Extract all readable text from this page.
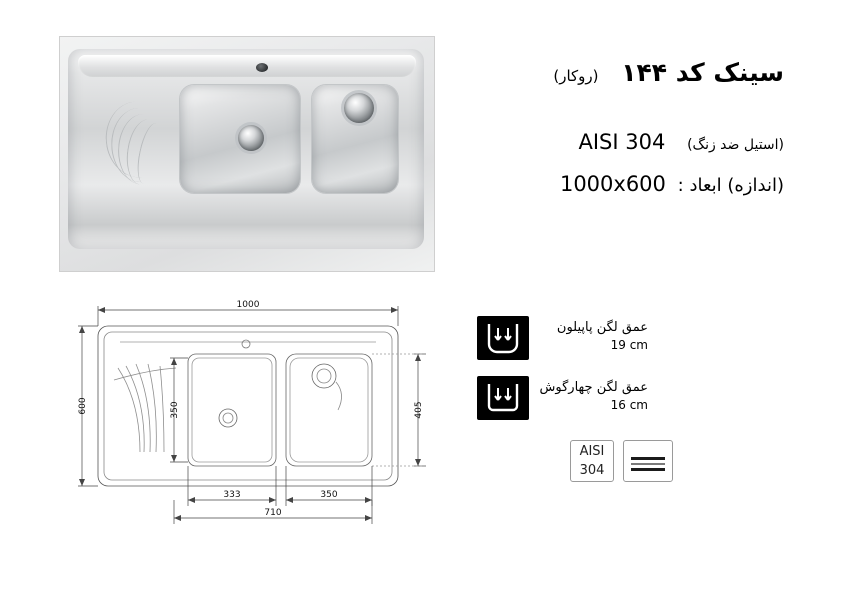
سینک کد ۱۴۴ (روکار)
(استیل ضد زنگ) AISI 304
(اندازه) ابعاد : 1000x600
1000
600	405
350
333	350
710
عمق لگن پاپیلون
19 cm
عمق لگن چهارگوش
16 cm
AISI
304
